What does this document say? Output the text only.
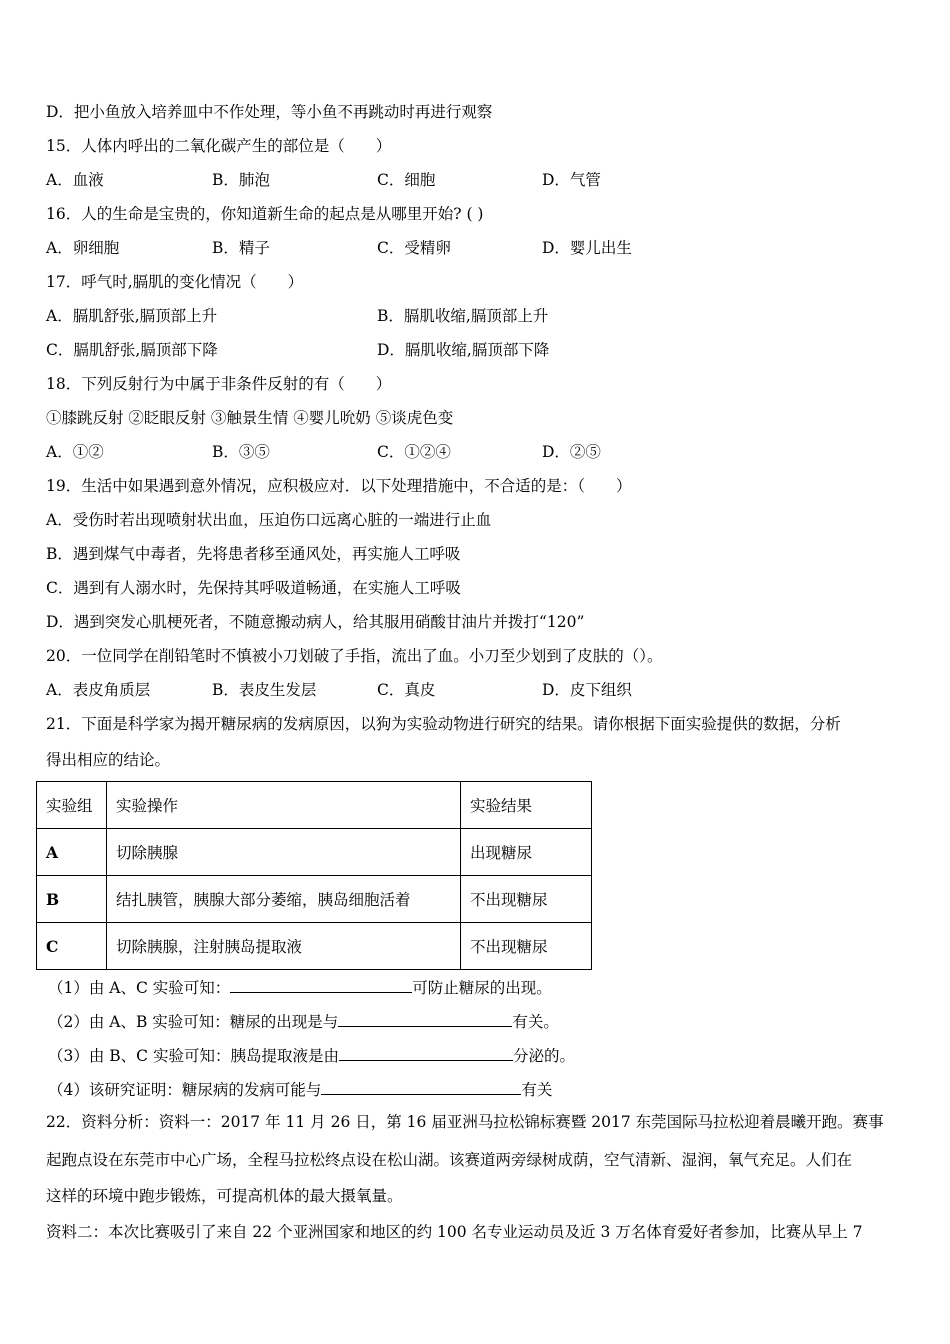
D．把小鱼放入培养皿中不作处理，等小鱼不再跳动时再进行观察
15．人体内呼出的二氧化碳产生的部位是（　　）
A．血液	B．肺泡	C．细胞	D．气管
16．人的生命是宝贵的，你知道新生命的起点是从哪里开始? ( )
A．卵细胞	B．精子	C．受精卵	D．婴儿出生
17．呼气时,膈肌的变化情况（　　）
A．膈肌舒张,膈顶部上升	B．膈肌收缩,膈顶部上升
C．膈肌舒张,膈顶部下降	D．膈肌收缩,膈顶部下降
18．下列反射行为中属于非条件反射的有（　　）
①膝跳反射 ②眨眼反射 ③触景生情 ④婴儿吮奶 ⑤谈虎色变
A．①②	B．③⑤	C．①②④	D．②⑤
19．生活中如果遇到意外情况，应积极应对．以下处理措施中，不合适的是：（　　）
A．受伤时若出现喷射状出血，压迫伤口远离心脏的一端进行止血
B．遇到煤气中毒者，先将患者移至通风处，再实施人工呼吸
C．遇到有人溺水时，先保持其呼吸道畅通，在实施人工呼吸
D．遇到突发心肌梗死者，不随意搬动病人，给其服用硝酸甘油片并拨打“120”
20．一位同学在削铅笔时不慎被小刀划破了手指，流出了血。小刀至少划到了皮肤的（）。
A．表皮角质层	B．表皮生发层	C．真皮	D．皮下组织
21．下面是科学家为揭开糖尿病的发病原因，以狗为实验动物进行研究的结果。请你根据下面实验提供的数据，分析
得出相应的结论。
实验组	实验操作	实验结果
A	切除胰腺	出现糖尿
B	结扎胰管，胰腺大部分萎缩，胰岛细胞活着	不出现糖尿
C	切除胰腺，注射胰岛提取液	不出现糖尿
（1）由 A、C 实验可知：	可防止糖尿的出现。
（2）由 A、B 实验可知：糖尿的出现是与	有关。
（3）由 B、C 实验可知：胰岛提取液是由	分泌的。
（4）该研究证明：糖尿病的发病可能与	有关
22．资料分析：资料一：2017 年 11 月 26 日，第 16 届亚洲马拉松锦标赛暨 2017 东莞国际马拉松迎着晨曦开跑。赛事
起跑点设在东莞市中心广场，全程马拉松终点设在松山湖。该赛道两旁绿树成荫，空气清新、湿润，氧气充足。人们在
这样的环境中跑步锻炼，可提高机体的最大摄氧量。
资料二：本次比赛吸引了来自 22 个亚洲国家和地区的约 100 名专业运动员及近 3 万名体育爱好者参加，比赛从早上 7
